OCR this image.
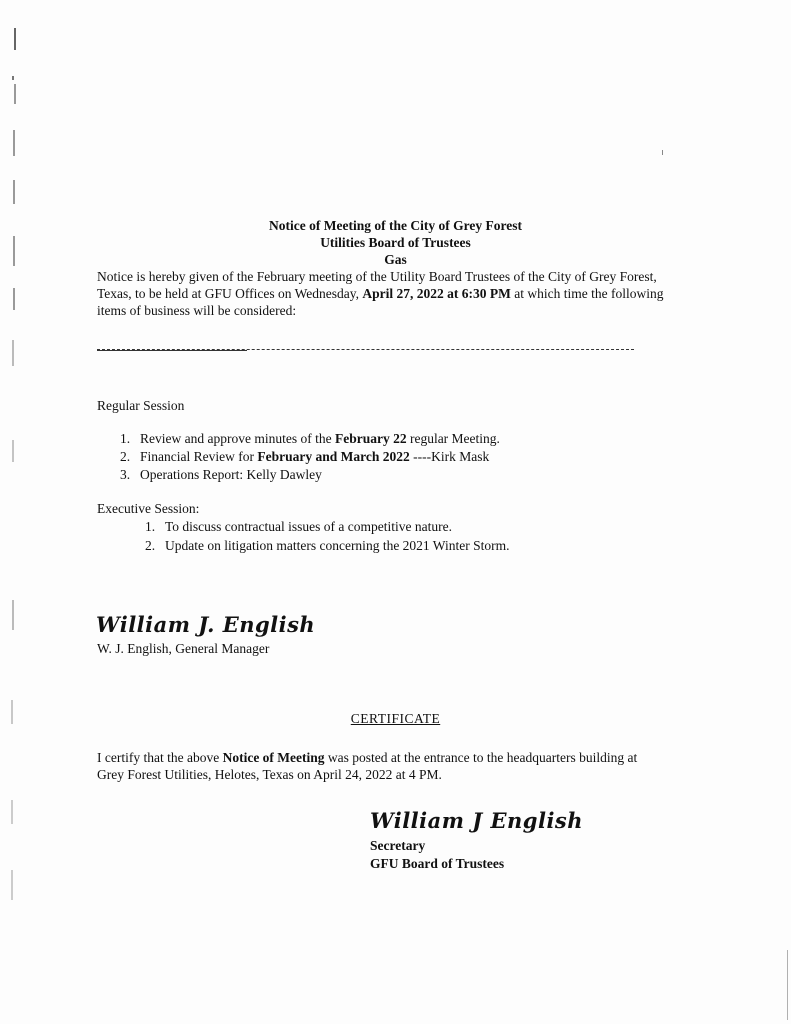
Notice of Meeting of the City of Grey Forest
Utilities Board of Trustees
Gas
Notice is hereby given of the February meeting of the Utility Board Trustees of the City of Grey Forest, Texas, to be held at GFU Offices on Wednesday, April 27, 2022 at 6:30 PM at which time the following items of business will be considered:
Regular Session
1. Review and approve minutes of the February 22 regular Meeting.
2. Financial Review for February and March 2022 ----Kirk Mask
3. Operations Report: Kelly Dawley
Executive Session:
1. To discuss contractual issues of a competitive nature.
2. Update on litigation matters concerning the 2021 Winter Storm.
William J. English
W. J. English, General Manager
CERTIFICATE
I certify that the above Notice of Meeting was posted at the entrance to the headquarters building at Grey Forest Utilities, Helotes, Texas on April 24, 2022 at 4 PM.
William J English
Secretary
GFU Board of Trustees
